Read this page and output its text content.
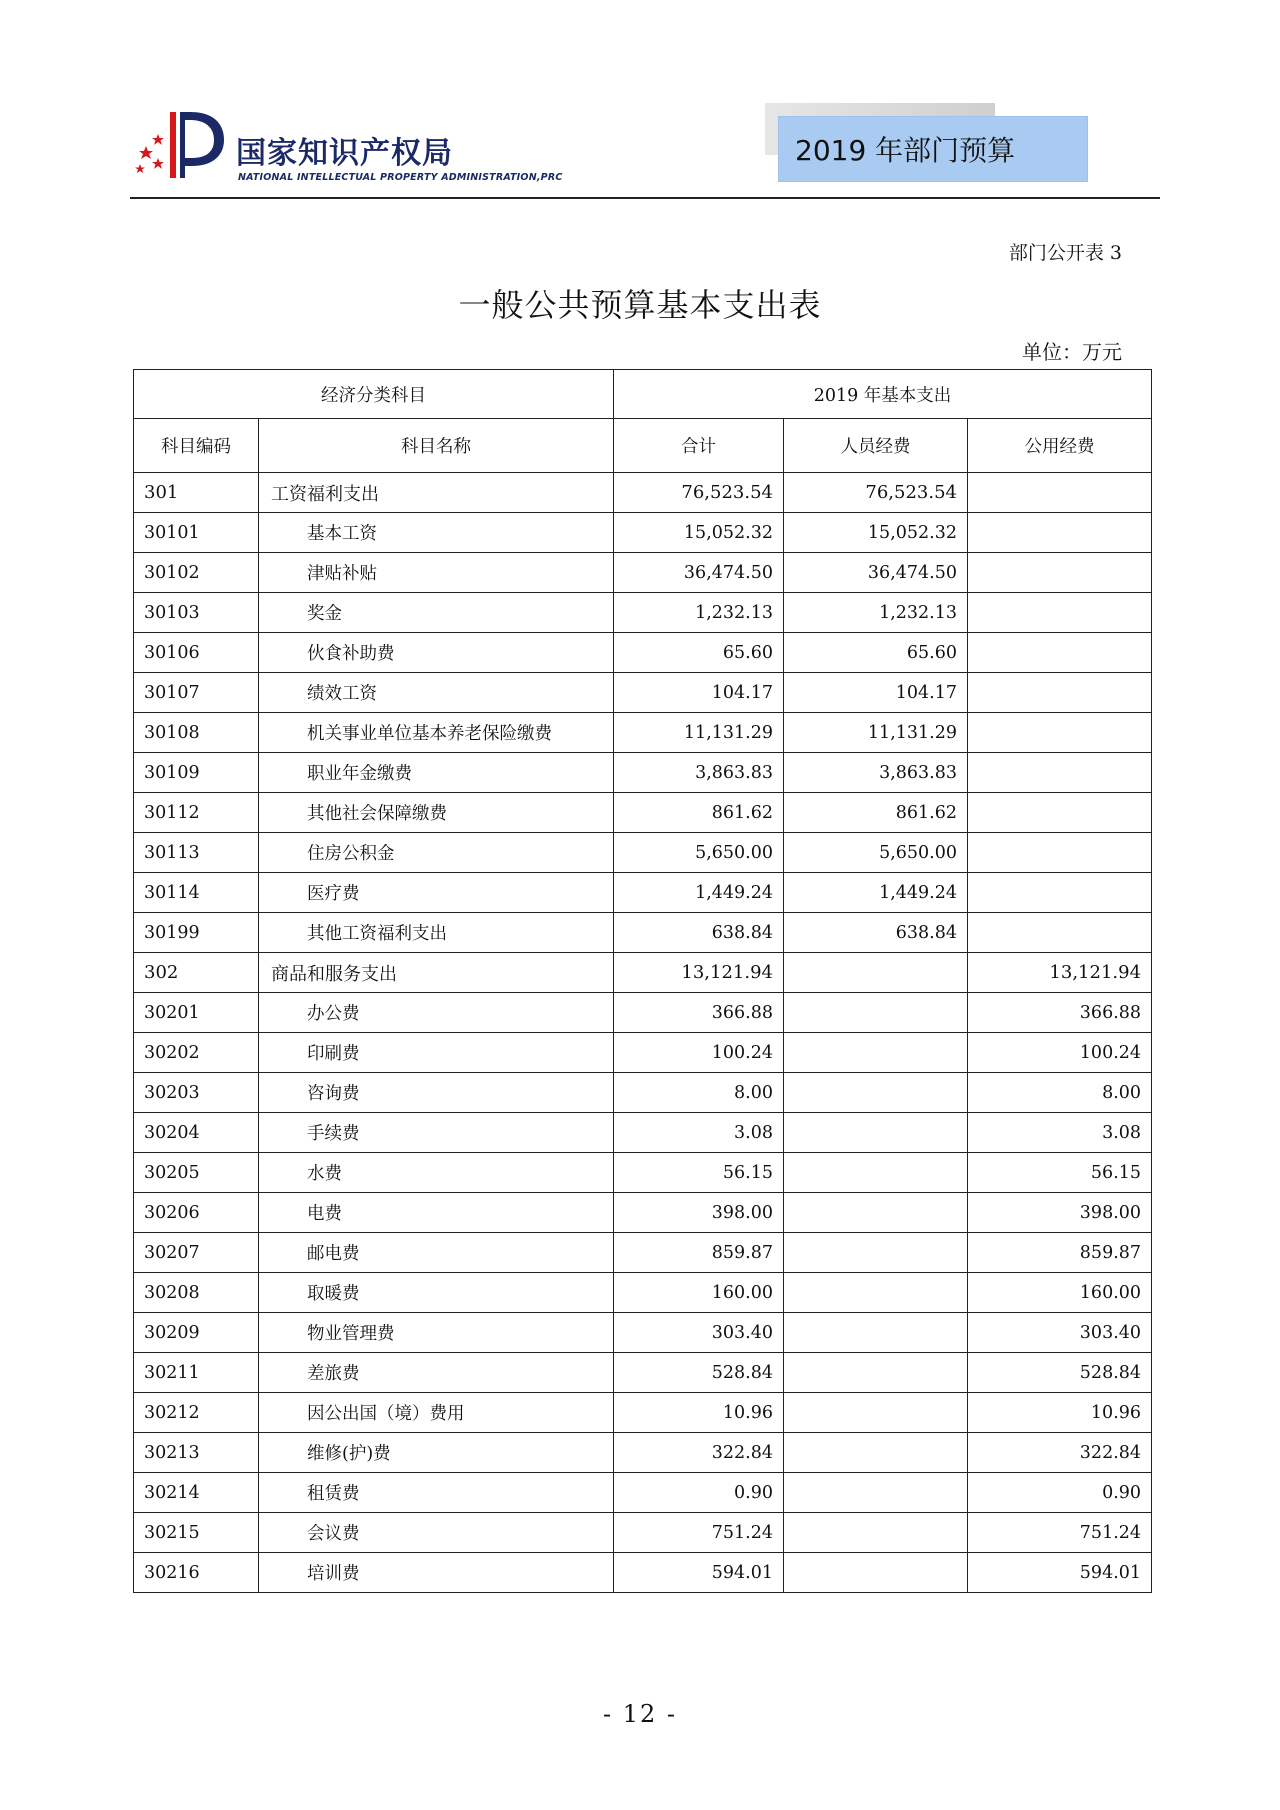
国家知识产权局
NATIONAL INTELLECTUAL PROPERTY ADMINISTRATION,PRC
2019 年部门预算
部门公开表 3
一般公共预算基本支出表
单位：万元
经济分类科目		2019 年基本支出		
科目编码	科目名称	合计	人员经费	公用经费
301	工资福利支出	76,523.54	76,523.54	
30101	基本工资	15,052.32	15,052.32	
30102	津贴补贴	36,474.50	36,474.50	
30103	奖金	1,232.13	1,232.13	
30106	伙食补助费	65.60	65.60	
30107	绩效工资	104.17	104.17	
30108	机关事业单位基本养老保险缴费	11,131.29	11,131.29	
30109	职业年金缴费	3,863.83	3,863.83	
30112	其他社会保障缴费	861.62	861.62	
30113	住房公积金	5,650.00	5,650.00	
30114	医疗费	1,449.24	1,449.24	
30199	其他工资福利支出	638.84	638.84	
302	商品和服务支出	13,121.94		13,121.94
30201	办公费	366.88		366.88
30202	印刷费	100.24		100.24
30203	咨询费	8.00		8.00
30204	手续费	3.08		3.08
30205	水费	56.15		56.15
30206	电费	398.00		398.00
30207	邮电费	859.87		859.87
30208	取暖费	160.00		160.00
30209	物业管理费	303.40		303.40
30211	差旅费	528.84		528.84
30212	因公出国（境）费用	10.96		10.96
30213	维修(护)费	322.84		322.84
30214	租赁费	0.90		0.90
30215	会议费	751.24		751.24
30216	培训费	594.01		594.01
- 12 -
